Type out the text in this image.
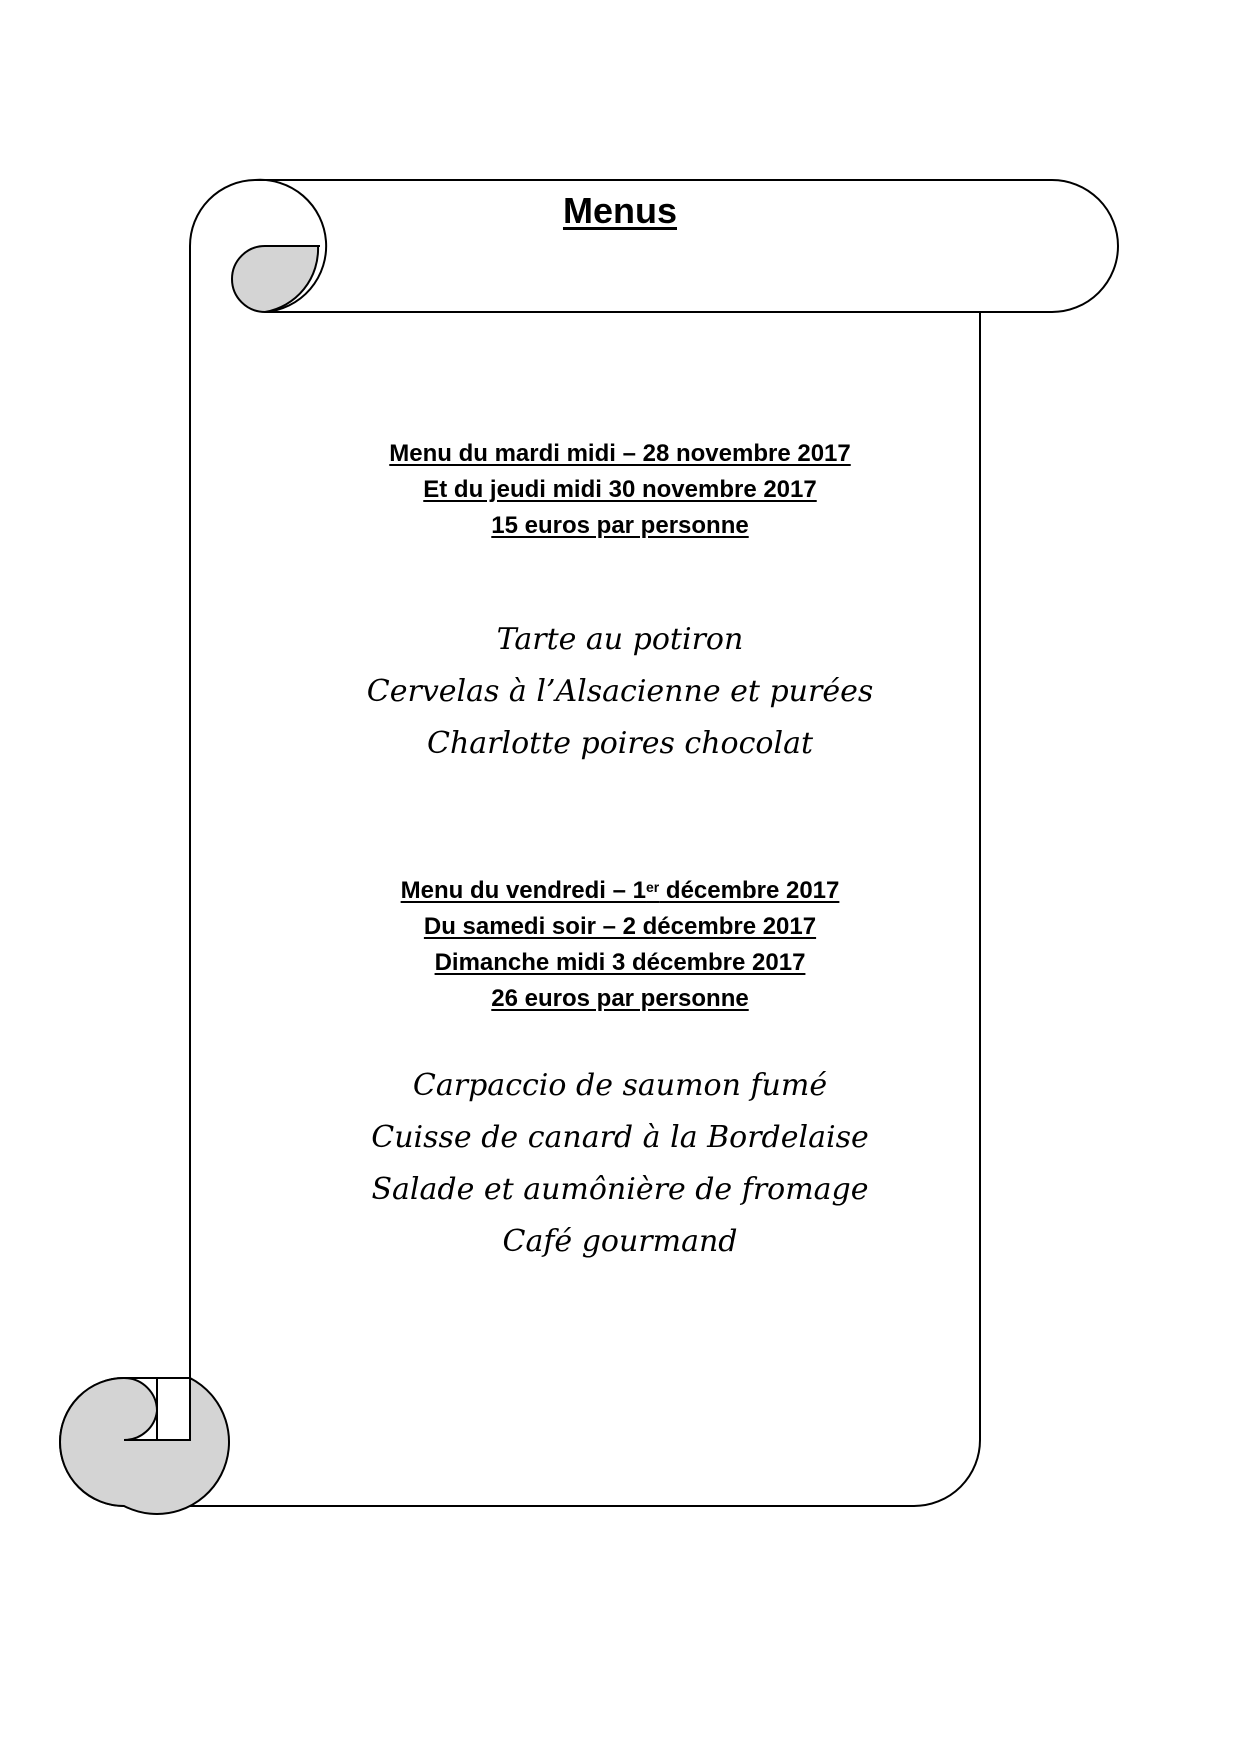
Menus
Menu du mardi midi – 28 novembre 2017
Et du jeudi midi 30 novembre 2017
15 euros par personne
Tarte au potiron
Cervelas à l’Alsacienne et purées
Charlotte poires chocolat
Menu du vendredi – 1er décembre 2017
Du samedi soir – 2 décembre 2017
Dimanche midi 3 décembre 2017
26 euros par personne
Carpaccio de saumon fumé
Cuisse de canard à la Bordelaise
Salade et aumônière de fromage
Café gourmand
